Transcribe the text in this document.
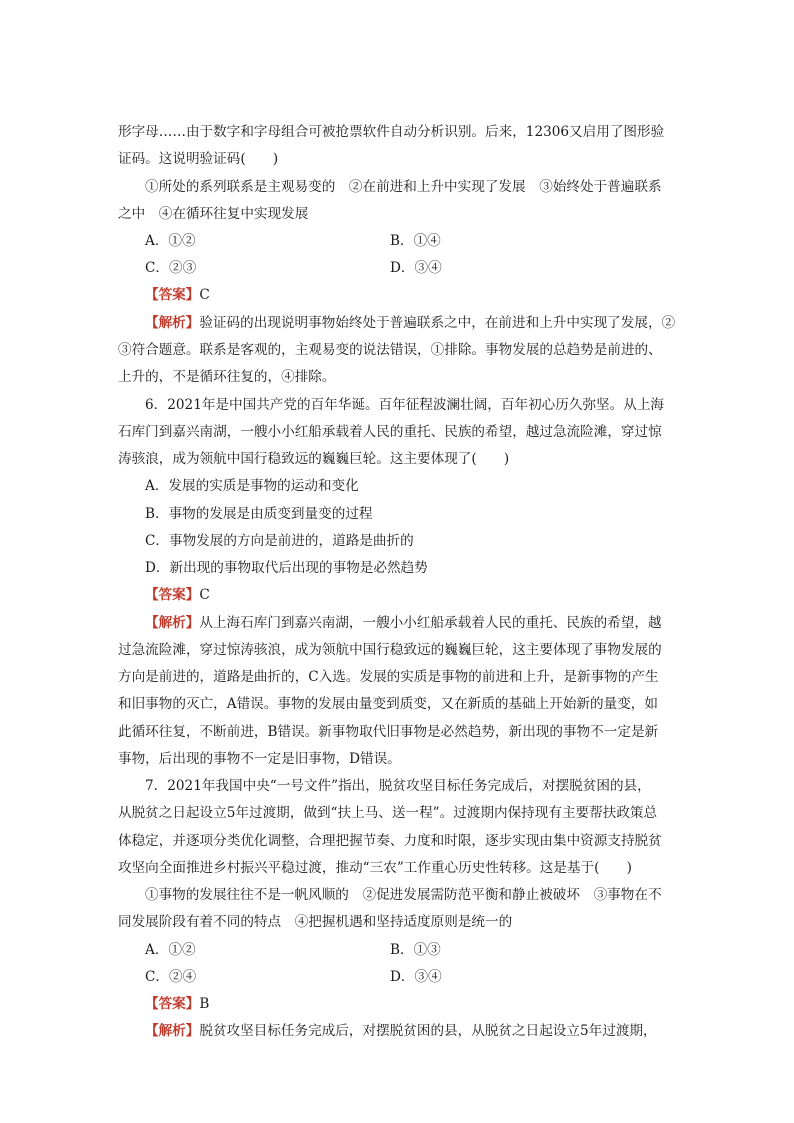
形字母……由于数字和字母组合可被抢票软件自动分析识别。后来，12306又启用了图形验
证码。这说明验证码(　　)
①所处的系列联系是主观易变的　②在前进和上升中实现了发展　③始终处于普遍联系
之中　④在循环往复中实现发展
A．①②	B．①④
C．②③	D．③④
【答案】C
【解析】验证码的出现说明事物始终处于普遍联系之中，在前进和上升中实现了发展，②
③符合题意。联系是客观的，主观易变的说法错误，①排除。事物发展的总趋势是前进的、
上升的，不是循环往复的，④排除。
6．2021年是中国共产党的百年华诞。百年征程波澜壮阔，百年初心历久弥坚。从上海
石库门到嘉兴南湖，一艘小小红船承载着人民的重托、民族的希望，越过急流险滩，穿过惊
涛骇浪，成为领航中国行稳致远的巍巍巨轮。这主要体现了(　　)
A．发展的实质是事物的运动和变化
B．事物的发展是由质变到量变的过程
C．事物发展的方向是前进的，道路是曲折的
D．新出现的事物取代后出现的事物是必然趋势
【答案】C
【解析】从上海石库门到嘉兴南湖，一艘小小红船承载着人民的重托、民族的希望，越
过急流险滩，穿过惊涛骇浪，成为领航中国行稳致远的巍巍巨轮，这主要体现了事物发展的
方向是前进的，道路是曲折的，C入选。发展的实质是事物的前进和上升，是新事物的产生
和旧事物的灭亡，A错误。事物的发展由量变到质变，又在新质的基础上开始新的量变，如
此循环往复，不断前进，B错误。新事物取代旧事物是必然趋势，新出现的事物不一定是新
事物，后出现的事物不一定是旧事物，D错误。
7．2021年我国中央“一号文件”指出，脱贫攻坚目标任务完成后，对摆脱贫困的县，
从脱贫之日起设立5年过渡期，做到“扶上马、送一程”。过渡期内保持现有主要帮扶政策总
体稳定，并逐项分类优化调整，合理把握节奏、力度和时限，逐步实现由集中资源支持脱贫
攻坚向全面推进乡村振兴平稳过渡，推动“三农”工作重心历史性转移。这是基于(　　)
①事物的发展往往不是一帆风顺的　②促进发展需防范平衡和静止被破坏　③事物在不
同发展阶段有着不同的特点　④把握机遇和坚持适度原则是统一的
A．①②	B．①③
C．②④	D．③④
【答案】B
【解析】脱贫攻坚目标任务完成后，对摆脱贫困的县，从脱贫之日起设立5年过渡期，
